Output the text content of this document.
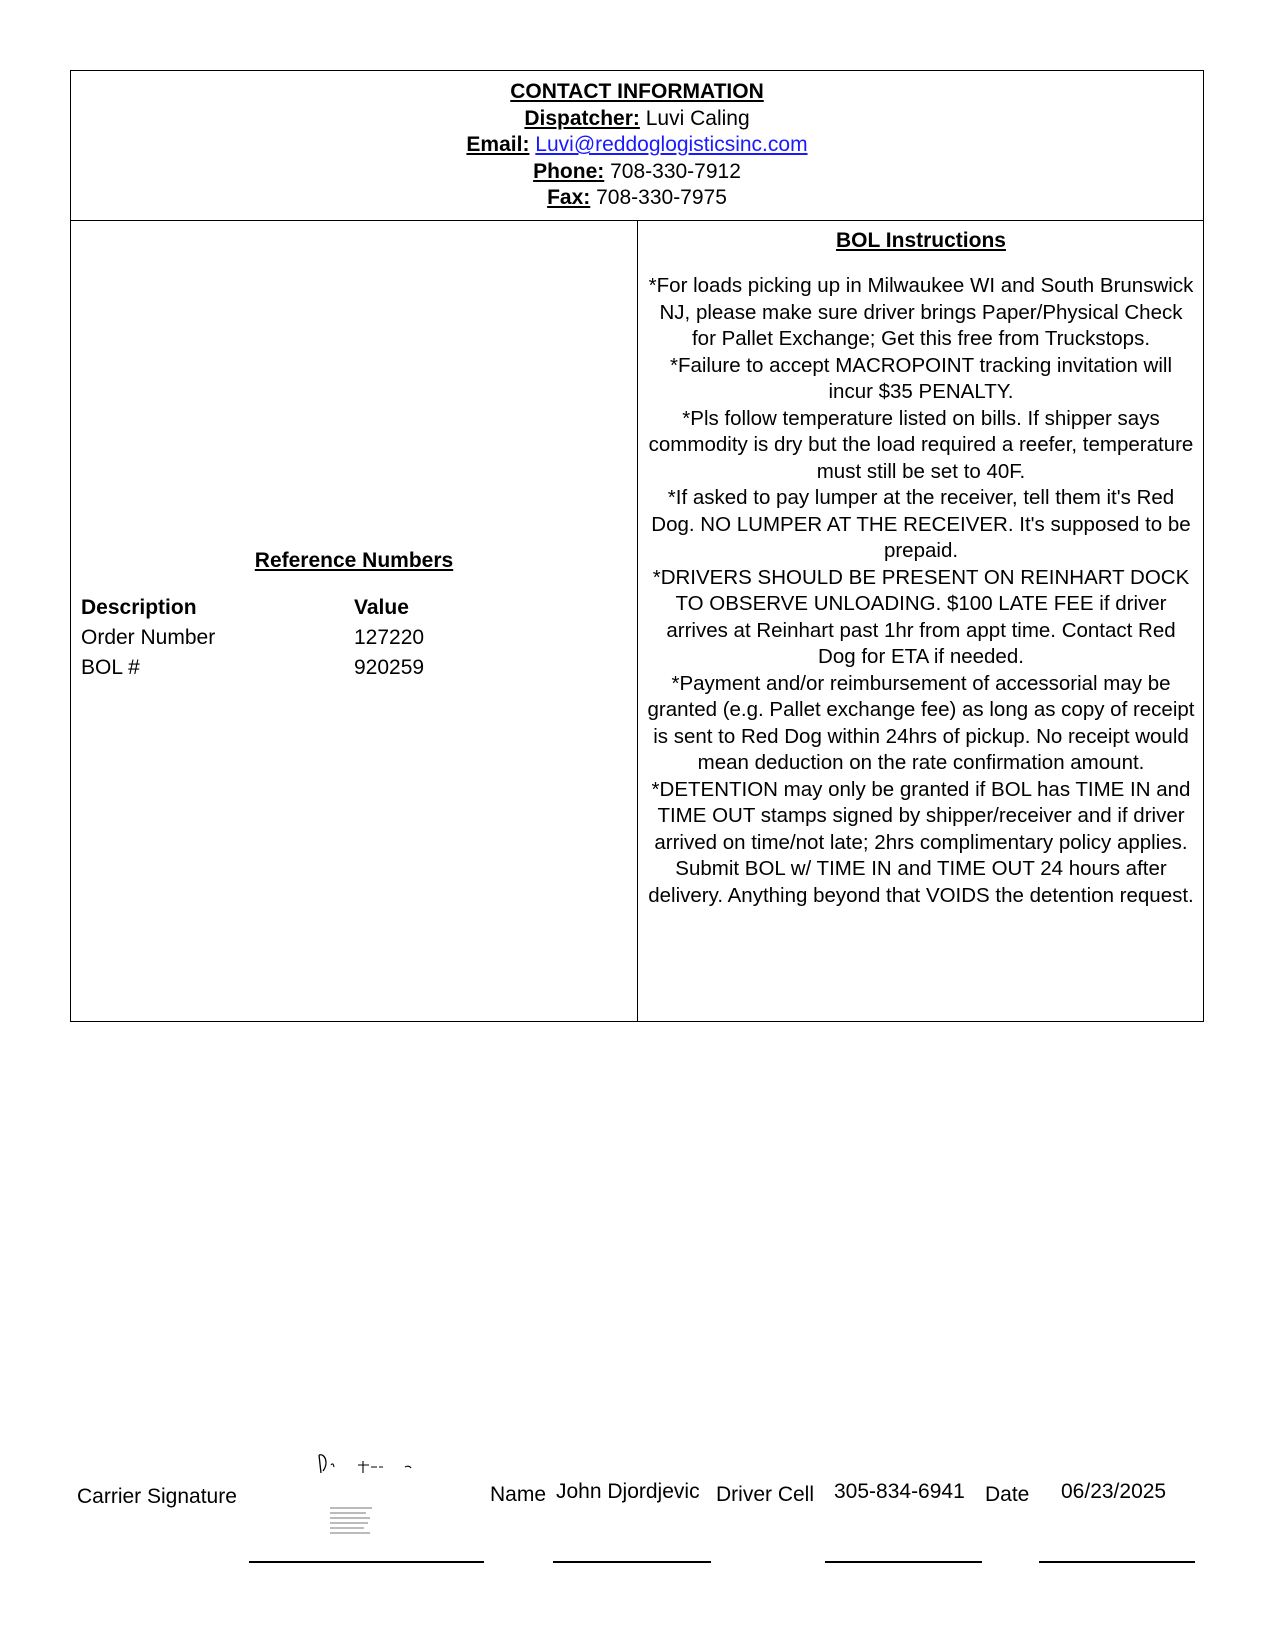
CONTACT INFORMATION
Dispatcher: Luvi Caling
Email: Luvi@reddoglogisticsinc.com
Phone: 708-330-7912
Fax: 708-330-7975
Reference Numbers
Description	Value
Order Number	127220
BOL #	920259
BOL Instructions

*For loads picking up in Milwaukee WI and South Brunswick NJ, please make sure driver brings Paper/Physical Check for Pallet Exchange; Get this free from Truckstops.

*Failure to accept MACROPOINT tracking invitation will incur $35 PENALTY.

*Pls follow temperature listed on bills. If shipper says commodity is dry but the load required a reefer, temperature must still be set to 40F.

*If asked to pay lumper at the receiver, tell them it's Red Dog. NO LUMPER AT THE RECEIVER. It's supposed to be prepaid.

*DRIVERS SHOULD BE PRESENT ON REINHART DOCK TO OBSERVE UNLOADING. $100 LATE FEE if driver arrives at Reinhart past 1hr from appt time. Contact Red Dog for ETA if needed.

*Payment and/or reimbursement of accessorial may be granted (e.g. Pallet exchange fee) as long as copy of receipt is sent to Red Dog within 24hrs of pickup. No receipt would mean deduction on the rate confirmation amount.

*DETENTION may only be granted if BOL has TIME IN and TIME OUT stamps signed by shipper/receiver and if driver arrived on time/not late; 2hrs complimentary policy applies. Submit BOL w/ TIME IN and TIME OUT 24 hours after delivery. Anything beyond that VOIDS the detention request.

Carrier Signature	Name John Djordjevic Driver Cell 305-834-6941 Date 06/23/2025
